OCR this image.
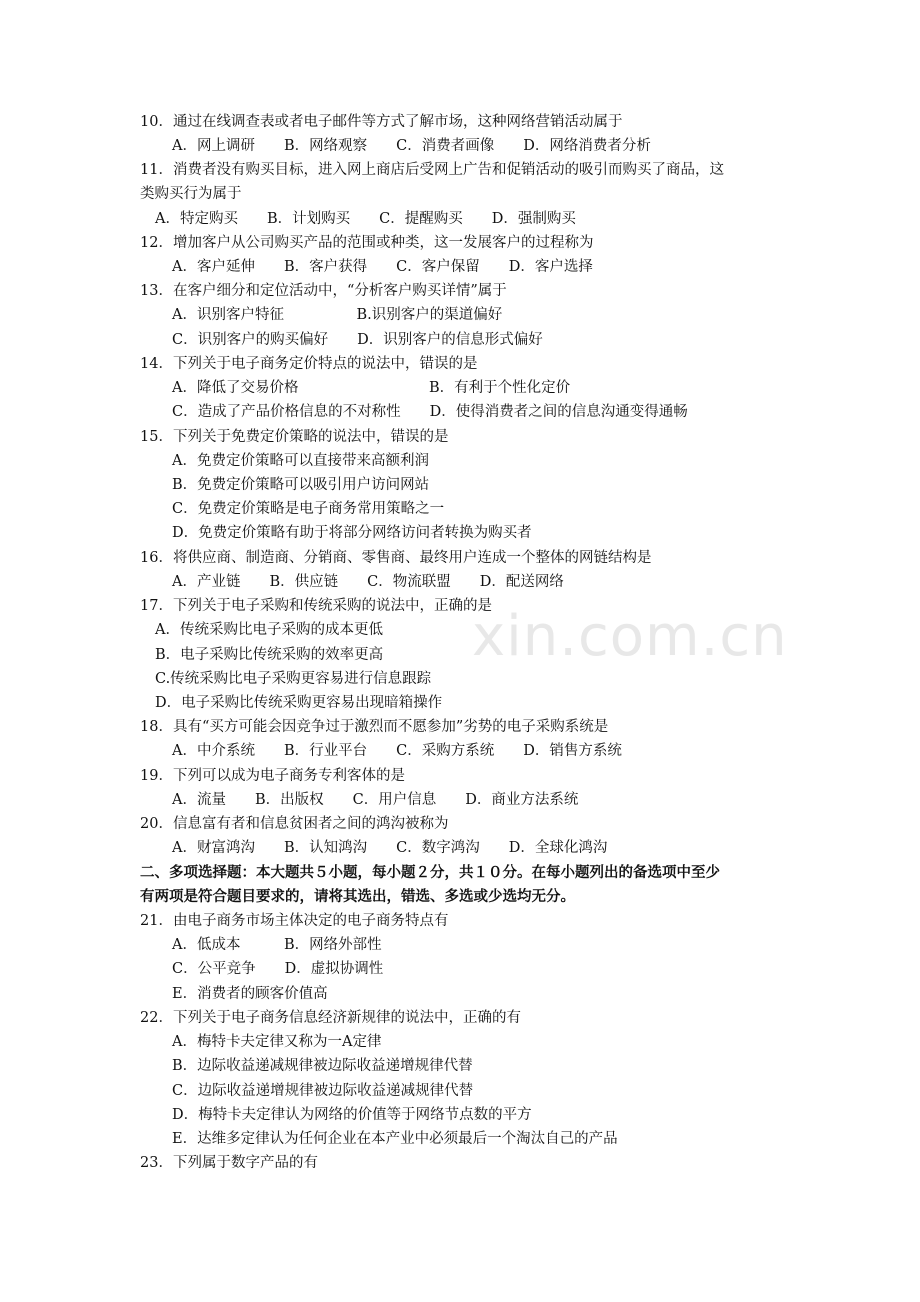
xin.com.cn
10．通过在线调查表或者电子邮件等方式了解市场，这种网络营销活动属于
A．网上调研　　B．网络观察　　C．消费者画像　　D．网络消费者分析
11．消费者没有购买目标，进入网上商店后受网上广告和促销活动的吸引而购买了商品，这
类购买行为属于
A．特定购买　　B．计划购买　　C．提醒购买　　D．强制购买
12．增加客户从公司购买产品的范围或种类，这一发展客户的过程称为
A．客户延伸　　B．客户获得　　C．客户保留　　D．客户选择
13．在客户细分和定位活动中，“分析客户购买详情”属于
A．识别客户特征　　　　　B.识别客户的渠道偏好
C．识别客户的购买偏好　　D．识别客户的信息形式偏好
14．下列关于电子商务定价特点的说法中，错误的是
A．降低了交易价格　　　　　　　　　B．有利于个性化定价
C．造成了产品价格信息的不对称性　　D．使得消费者之间的信息沟通变得通畅
15．下列关于免费定价策略的说法中，错误的是
A．免费定价策略可以直接带来高额利润
B．免费定价策略可以吸引用户访问网站
C．免费定价策略是电子商务常用策略之一
D．免费定价策略有助于将部分网络访问者转换为购买者
16．将供应商、制造商、分销商、零售商、最终用户连成一个整体的网链结构是
A．产业链　　B．供应链　　C．物流联盟　　D．配送网络
17．下列关于电子采购和传统采购的说法中，正确的是
A．传统采购比电子采购的成本更低
B．电子采购比传统采购的效率更高
C.传统采购比电子采购更容易进行信息跟踪
D．电子采购比传统采购更容易出现暗箱操作
18．具有“买方可能会因竞争过于激烈而不愿参加”劣势的电子采购系统是
A．中介系统　　B．行业平台　　C．采购方系统　　D．销售方系统
19．下列可以成为电子商务专利客体的是
A．流量　　B．出版权　　C．用户信息　　D．商业方法系统
20．信息富有者和信息贫困者之间的鸿沟被称为
A．财富鸿沟　　B．认知鸿沟　　C．数字鸿沟　　D．全球化鸿沟
二、多项选择题：本大题共５小题，每小题２分，共１０分。在每小题列出的备选项中至少
有两项是符合题目要求的，请将其选出，错选、多选或少选均无分。
21．由电子商务市场主体决定的电子商务特点有
A．低成本　　　B．网络外部性
C．公平竞争　　D．虚拟协调性
E．消费者的顾客价值高
22．下列关于电子商务信息经济新规律的说法中，正确的有
A．梅特卡夫定律又称为一A定律
B．边际收益递减规律被边际收益递增规律代替
C．边际收益递增规律被边际收益递减规律代替
D．梅特卡夫定律认为网络的价值等于网络节点数的平方
E．达维多定律认为任何企业在本产业中必须最后一个淘汰自己的产品
23．下列属于数字产品的有
